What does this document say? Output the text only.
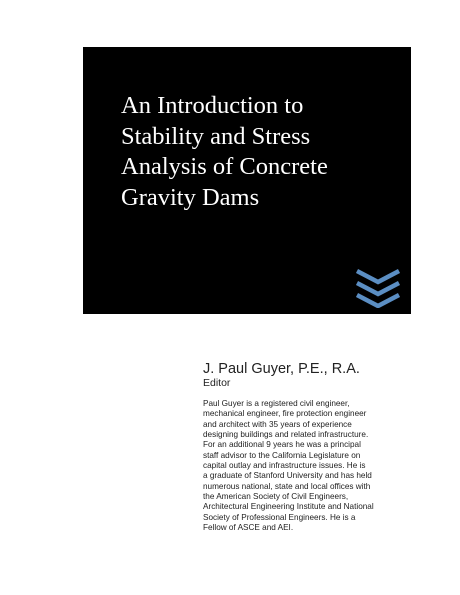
An Introduction to
Stability and Stress
Analysis of Concrete
Gravity Dams

J. Paul Guyer, P.E., R.A.

Editor

Paul Guyer is a registered civil engineer,
mechanical engineer, fire protection engineer
and architect with 35 years of experience
designing buildings and related infrastructure.
For an additional 9 years he was a principal
staff advisor to the California Legislature on
capital outlay and infrastructure issues. He is
a graduate of Stanford University and has held
numerous national, state and local offices with
the American Society of Civil Engineers,
Architectural Engineering Institute and National
Society of Professional Engineers. He is a
Fellow of ASCE and AEI.
